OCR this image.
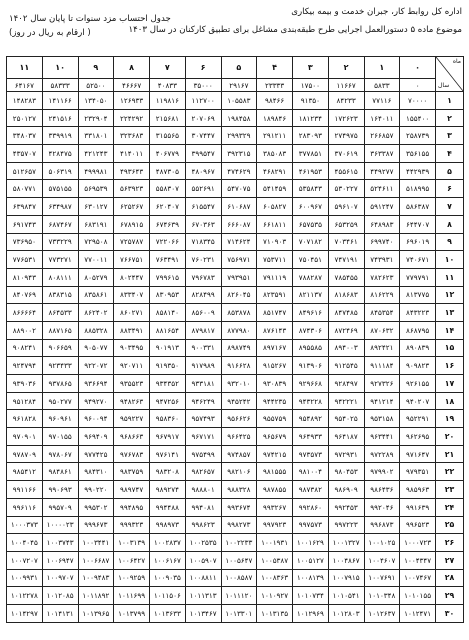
اداره کل روابط کار، جبران خدمت و بیمه بیکاری
جدول احتساب مزد سنوات تا پایان سال ۱۴۰۲
موضوع ماده ۵ دستورالعمل اجرایی طرح طبقه‌بندی مشاغل برای تطبیق کارکنان در سال ۱۴۰۳
( ارقام به ریال در روز)
ماه
سال	۰	۱	۲	۳	۴	۵	۶	۷	۸	۹	۱۰	۱۱
	۰	۵۸۳۳	۱۱۶۶۷	۱۷۵۰۰	۲۳۳۳۳	۲۹۱۶۷	۳۵۰۰۰	۴۰۸۳۳	۴۶۶۶۷	۵۲۵۰۰	۵۸۳۳۳	۶۴۱۶۷
۱	۷۰۰۰۰	۷۷۱۱۶	۸۴۲۳۳	۹۱۳۵۰	۹۸۴۶۶	۱۰۵۵۸۳	۱۱۲۷۰۰	۱۱۹۸۱۶	۱۲۶۹۳۳	۱۳۴۰۵۰	۱۴۱۱۶۶	۱۴۸۲۸۳
۲	۱۵۵۴۰۰	۱۶۴۰۱۱	۱۷۲۶۲۳	۱۸۱۲۳۴	۱۸۹۸۴۶	۱۹۸۴۵۸	۲۰۷۰۶۹	۲۱۵۶۸۱	۲۲۴۲۹۲	۲۳۲۹۰۴	۲۴۱۵۱۶	۲۵۰۱۲۷
۳	۲۵۸۷۳۹	۲۶۶۸۵۷	۲۷۴۹۷۵	۲۸۳۰۹۳	۲۹۱۲۱۱	۲۹۹۳۲۹	۳۰۷۴۴۷	۳۱۵۵۶۵	۳۲۳۶۸۳	۳۳۱۸۰۱	۳۳۹۹۱۹	۳۴۸۰۳۷
۴	۳۵۶۱۵۵	۳۶۳۳۸۷	۳۷۰۶۱۹	۳۷۷۸۵۱	۳۸۵۰۸۳	۳۹۲۳۱۵	۳۹۹۵۴۷	۴۰۶۷۷۹	۴۱۴۰۱۱	۴۲۱۲۴۳	۴۲۸۴۷۵	۴۳۵۷۰۷
۵	۴۴۲۹۳۹	۴۴۹۲۷۷	۴۵۵۶۱۵	۴۶۱۹۵۳	۴۶۸۲۹۱	۴۷۴۶۲۹	۴۸۰۹۶۷	۴۸۷۳۰۵	۴۹۳۶۴۳	۴۹۹۹۸۱	۵۰۶۳۱۹	۵۱۲۶۵۷
۶	۵۱۸۹۹۵	۵۲۴۶۱۱	۵۳۰۲۲۷	۵۳۵۸۴۳	۵۴۱۴۵۹	۵۴۷۰۷۵	۵۵۲۶۹۱	۵۵۸۳۰۷	۵۶۳۹۲۳	۵۶۹۵۳۹	۵۷۵۱۵۵	۵۸۰۷۷۱
۷	۵۸۶۳۸۷	۵۹۱۲۴۷	۵۹۶۱۰۷	۶۰۰۹۶۷	۶۰۵۸۲۷	۶۱۰۶۸۷	۶۱۵۵۴۷	۶۲۰۴۰۷	۶۲۵۲۶۷	۶۳۰۱۲۷	۶۳۴۹۸۷	۶۳۹۸۴۷
۸	۶۴۴۷۰۷	۶۴۸۹۸۳	۶۵۳۲۵۹	۶۵۷۵۳۵	۶۶۱۸۱۱	۶۶۶۰۸۷	۶۷۰۳۶۳	۶۷۴۶۳۹	۶۷۸۹۱۵	۶۸۳۱۹۱	۶۸۷۴۶۷	۶۹۱۷۴۳
۹	۶۹۶۰۱۹	۶۹۹۷۴۰	۷۰۳۴۶۱	۷۰۷۱۸۲	۷۱۰۹۰۳	۷۱۴۶۲۴	۷۱۸۳۴۵	۷۲۲۰۶۶	۷۲۵۷۸۷	۷۲۹۵۰۸	۷۳۳۲۲۹	۷۳۶۹۵۰
۱۰	۷۴۰۶۷۱	۷۴۳۹۳۱	۷۴۷۱۹۱	۷۵۰۴۵۱	۷۵۳۷۱۱	۷۵۶۹۷۱	۷۶۰۲۳۱	۷۶۳۴۹۱	۷۶۶۷۵۱	۷۷۰۰۱۱	۷۷۳۲۷۱	۷۷۶۵۳۱
۱۱	۷۷۹۷۹۱	۷۸۲۶۲۳	۷۸۵۴۵۵	۷۸۸۲۸۷	۷۹۱۱۱۹	۷۹۳۹۵۱	۷۹۶۷۸۳	۷۹۹۶۱۵	۸۰۲۴۴۷	۸۰۵۲۷۹	۸۰۸۱۱۱	۸۱۰۹۴۳
۱۲	۸۱۳۷۷۵	۸۱۶۲۲۹	۸۱۸۶۸۳	۸۲۱۱۳۷	۸۲۳۵۹۱	۸۲۶۰۴۵	۸۲۸۴۹۹	۸۳۰۹۵۳	۸۳۳۴۰۷	۸۳۵۸۶۱	۸۳۸۳۱۵	۸۴۰۷۶۹
۱۳	۸۴۳۲۲۳	۸۴۵۳۵۴	۸۴۷۴۸۵	۸۴۹۶۱۶	۸۵۱۷۴۷	۸۵۳۸۷۸	۸۵۶۰۰۹	۸۵۸۱۴۰	۸۶۰۲۷۱	۸۶۲۴۰۲	۸۶۴۵۳۳	۸۶۶۶۶۴
۱۴	۸۶۸۷۹۵	۸۷۰۶۳۲	۸۷۲۴۶۹	۸۷۴۳۰۶	۸۷۶۱۴۳	۸۷۷۹۸۰	۸۷۹۸۱۷	۸۸۱۶۵۴	۸۸۳۴۹۱	۸۸۵۳۲۸	۸۸۷۱۶۵	۸۸۹۰۰۲
۱۵	۸۹۰۸۳۹	۸۹۲۴۲۱	۸۹۴۰۰۳	۸۹۵۵۸۵	۸۹۷۱۶۷	۸۹۸۷۴۹	۹۰۰۳۳۱	۹۰۱۹۱۳	۹۰۳۴۹۵	۹۰۵۰۷۷	۹۰۶۶۵۹	۹۰۸۲۴۱
۱۶	۹۰۹۸۲۳	۹۱۱۱۸۴	۹۱۲۵۴۵	۹۱۳۹۰۶	۹۱۵۲۶۷	۹۱۶۶۲۸	۹۱۷۹۸۹	۹۱۹۳۵۰	۹۲۰۷۱۱	۹۲۲۰۷۲	۹۲۳۴۳۳	۹۲۴۷۹۴
۱۷	۹۲۶۱۵۵	۹۲۷۳۲۶	۹۲۸۴۹۷	۹۲۹۶۶۸	۹۳۰۸۳۹	۹۳۲۰۱۰	۹۳۳۱۸۱	۹۳۴۳۵۲	۹۳۵۵۲۳	۹۳۶۶۹۴	۹۳۷۸۶۵	۹۳۹۰۳۶
۱۸	۹۴۰۲۰۷	۹۴۱۲۱۴	۹۴۲۲۲۱	۹۴۳۲۲۸	۹۴۴۲۳۵	۹۴۵۲۴۲	۹۴۶۲۴۹	۹۴۷۲۵۶	۹۴۸۲۶۳	۹۴۹۲۷۰	۹۵۰۲۷۷	۹۵۱۲۸۴
۱۹	۹۵۲۲۹۱	۹۵۳۱۵۸	۹۵۴۰۲۵	۹۵۴۸۹۲	۹۵۵۷۵۹	۹۵۶۶۲۶	۹۵۷۴۹۳	۹۵۸۳۶۰	۹۵۹۲۲۷	۹۶۰۰۹۴	۹۶۰۹۶۱	۹۶۱۸۲۸
۲۰	۹۶۲۶۹۵	۹۶۳۴۴۱	۹۶۴۱۸۷	۹۶۴۹۳۳	۹۶۵۶۷۹	۹۶۶۴۲۵	۹۶۷۱۷۱	۹۶۷۹۱۷	۹۶۸۶۶۳	۹۶۹۴۰۹	۹۷۰۱۵۵	۹۷۰۹۰۱
۲۱	۹۷۱۶۴۷	۹۷۲۲۸۹	۹۷۲۹۳۱	۹۷۳۵۷۳	۹۷۴۲۱۵	۹۷۴۸۵۷	۹۷۵۴۹۹	۹۷۶۱۴۱	۹۷۶۷۸۳	۹۷۷۴۲۵	۹۷۸۰۶۷	۹۷۸۷۰۹
۲۲	۹۷۹۳۵۱	۹۷۹۹۰۲	۹۸۰۴۵۳	۹۸۱۰۰۴	۹۸۱۵۵۵	۹۸۲۱۰۶	۹۸۲۶۵۷	۹۸۳۲۰۸	۹۸۳۷۵۹	۹۸۴۳۱۰	۹۸۴۸۶۱	۹۸۵۴۱۲
۲۳	۹۸۵۹۶۳	۹۸۶۴۳۶	۹۸۶۹۰۹	۹۸۷۳۸۲	۹۸۷۸۵۵	۹۸۸۳۲۸	۹۸۸۸۰۱	۹۸۹۲۷۴	۹۸۹۷۴۷	۹۹۰۲۲۰	۹۹۰۶۹۳	۹۹۱۱۶۶
۲۴	۹۹۱۶۳۹	۹۹۲۰۴۶	۹۹۲۴۵۳	۹۹۲۸۶۰	۹۹۳۲۶۷	۹۹۳۶۷۴	۹۹۴۰۸۱	۹۹۴۴۸۸	۹۹۴۸۹۵	۹۹۵۳۰۲	۹۹۵۷۰۹	۹۹۶۱۱۶
۲۵	۹۹۶۵۲۳	۹۹۶۸۷۳	۹۹۷۲۲۳	۹۹۷۵۷۳	۹۹۷۹۲۳	۹۹۸۲۷۳	۹۹۸۶۲۳	۹۹۸۹۷۳	۹۹۹۳۲۳	۹۹۹۶۷۳	۱۰۰۰۰۲۳	۱۰۰۰۳۷۳
۲۶	۱۰۰۰۷۲۳	۱۰۰۱۰۲۵	۱۰۰۱۳۲۷	۱۰۰۱۶۲۹	۱۰۰۱۹۳۱	۱۰۰۲۲۳۳	۱۰۰۲۵۳۵	۱۰۰۲۸۳۷	۱۰۰۳۱۳۹	۱۰۰۳۴۴۱	۱۰۰۳۷۴۳	۱۰۰۴۰۴۵
۲۷	۱۰۰۴۳۴۷	۱۰۰۴۶۰۷	۱۰۰۴۸۶۷	۱۰۰۵۱۲۷	۱۰۰۵۳۸۷	۱۰۰۵۶۴۷	۱۰۰۵۹۰۷	۱۰۰۶۱۶۷	۱۰۰۶۴۲۷	۱۰۰۶۶۸۷	۱۰۰۶۹۴۷	۱۰۰۷۲۰۷
۲۸	۱۰۰۷۴۶۷	۱۰۰۷۶۹۱	۱۰۰۷۹۱۵	۱۰۰۸۱۳۹	۱۰۰۸۳۶۳	۱۰۰۸۵۸۷	۱۰۰۸۸۱۱	۱۰۰۹۰۳۵	۱۰۰۹۲۵۹	۱۰۰۹۴۸۳	۱۰۰۹۷۰۷	۱۰۰۹۹۳۱
۲۹	۱۰۱۰۱۵۵	۱۰۱۰۳۴۸	۱۰۱۰۵۴۱	۱۰۱۰۷۳۴	۱۰۱۰۹۲۷	۱۰۱۱۱۲۰	۱۰۱۱۳۱۳	۱۰۱۱۵۰۶	۱۰۱۱۶۹۹	۱۰۱۱۸۹۲	۱۰۱۲۰۸۵	۱۰۱۲۲۷۸
۳۰	۱۰۱۲۴۷۱	۱۰۱۲۶۳۷	۱۰۱۲۸۰۳	۱۰۱۲۹۶۹	۱۰۱۳۱۳۵	۱۰۱۳۳۰۱	۱۰۱۳۴۶۷	۱۰۱۳۶۳۳	۱۰۱۳۷۹۹	۱۰۱۳۹۶۵	۱۰۱۴۱۳۱	۱۰۱۴۲۹۷
